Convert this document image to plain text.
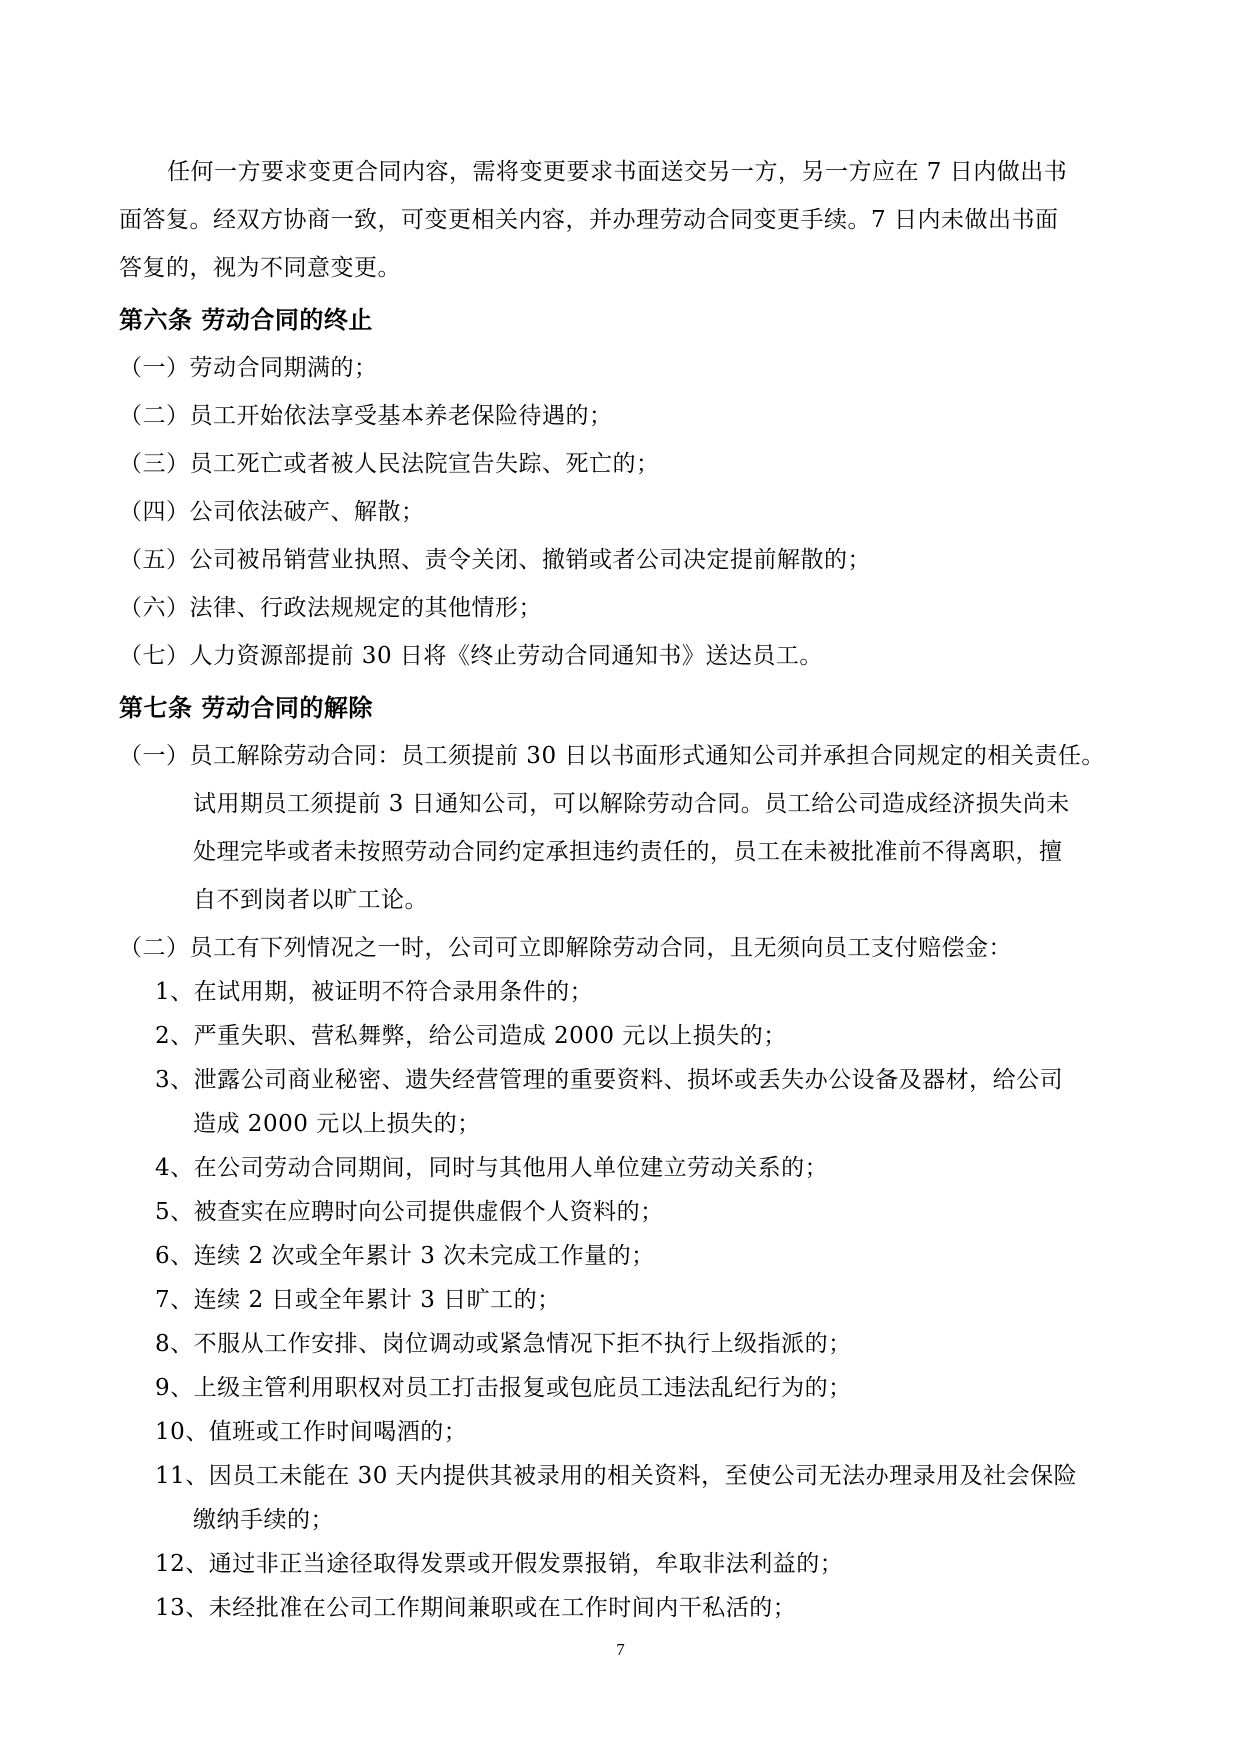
任何一方要求变更合同内容，需将变更要求书面送交另一方，另一方应在 7 日内做出书
面答复。经双方协商一致，可变更相关内容，并办理劳动合同变更手续。7 日内未做出书面
答复的，视为不同意变更。
第六条 劳动合同的终止
（一）劳动合同期满的；
（二）员工开始依法享受基本养老保险待遇的；
（三）员工死亡或者被人民法院宣告失踪、死亡的；
（四）公司依法破产、解散；
（五）公司被吊销营业执照、责令关闭、撤销或者公司决定提前解散的；
（六）法律、行政法规规定的其他情形；
（七）人力资源部提前 30 日将《终止劳动合同通知书》送达员工。
第七条 劳动合同的解除
（一）员工解除劳动合同：员工须提前 30 日以书面形式通知公司并承担合同规定的相关责任。
试用期员工须提前 3 日通知公司，可以解除劳动合同。员工给公司造成经济损失尚未
处理完毕或者未按照劳动合同约定承担违约责任的，员工在未被批准前不得离职，擅
自不到岗者以旷工论。
（二）员工有下列情况之一时，公司可立即解除劳动合同，且无须向员工支付赔偿金：
1、在试用期，被证明不符合录用条件的；
2、严重失职、营私舞弊，给公司造成 2000 元以上损失的；
3、泄露公司商业秘密、遗失经营管理的重要资料、损坏或丢失办公设备及器材，给公司
造成 2000 元以上损失的；
4、在公司劳动合同期间，同时与其他用人单位建立劳动关系的；
5、被查实在应聘时向公司提供虚假个人资料的；
6、连续 2 次或全年累计 3 次未完成工作量的；
7、连续 2 日或全年累计 3 日旷工的；
8、不服从工作安排、岗位调动或紧急情况下拒不执行上级指派的；
9、上级主管利用职权对员工打击报复或包庇员工违法乱纪行为的；
10、值班或工作时间喝酒的；
11、因员工未能在 30 天内提供其被录用的相关资料，至使公司无法办理录用及社会保险
缴纳手续的；
12、通过非正当途径取得发票或开假发票报销，牟取非法利益的；
13、未经批准在公司工作期间兼职或在工作时间内干私活的；
7
